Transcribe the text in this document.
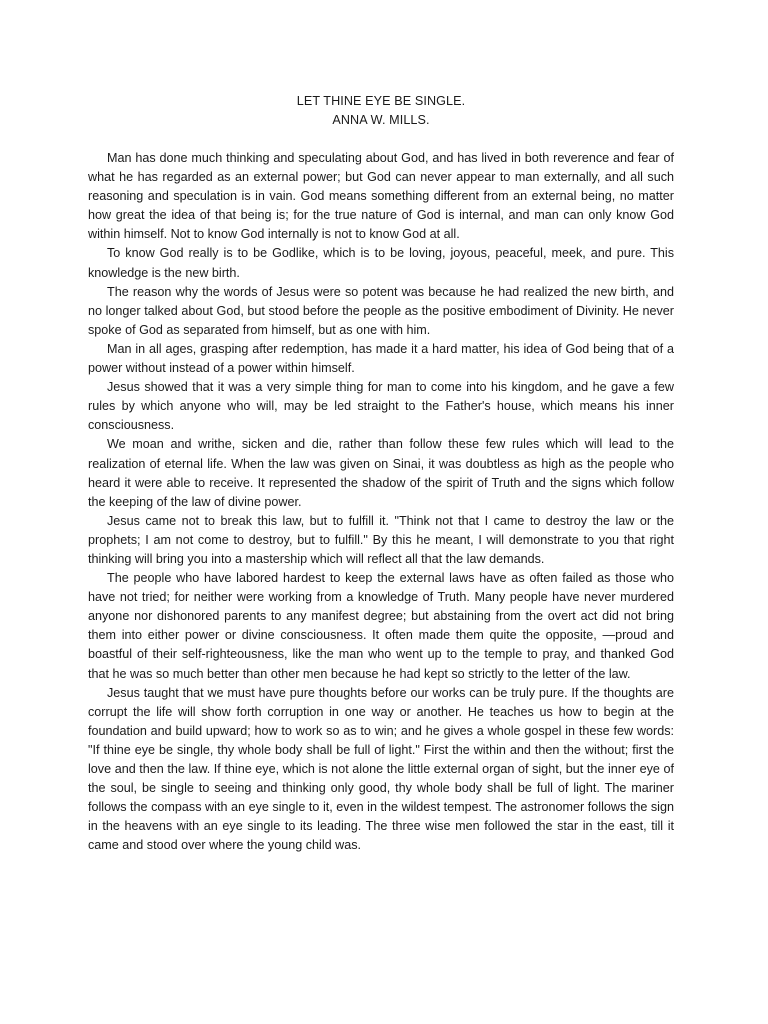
LET THINE EYE BE SINGLE.
ANNA W. MILLS.

Man has done much thinking and speculating about God, and has lived in both reverence and fear of what he has regarded as an external power; but God can never appear to man externally, and all such reasoning and speculation is in vain. God means something different from an external being, no matter how great the idea of that being is; for the true nature of God is internal, and man can only know God within himself. Not to know God internally is not to know God at all.

To know God really is to be Godlike, which is to be loving, joyous, peaceful, meek, and pure. This knowledge is the new birth.

The reason why the words of Jesus were so potent was because he had realized the new birth, and no longer talked about God, but stood before the people as the positive embodiment of Divinity. He never spoke of God as separated from himself, but as one with him.

Man in all ages, grasping after redemption, has made it a hard matter, his idea of God being that of a power without instead of a power within himself.

Jesus showed that it was a very simple thing for man to come into his kingdom, and he gave a few rules by which anyone who will, may be led straight to the Father's house, which means his inner consciousness.

We moan and writhe, sicken and die, rather than follow these few rules which will lead to the realization of eternal life. When the law was given on Sinai, it was doubtless as high as the people who heard it were able to receive. It represented the shadow of the spirit of Truth and the signs which follow the keeping of the law of divine power.

Jesus came not to break this law, but to fulfill it. "Think not that I came to destroy the law or the prophets; I am not come to destroy, but to fulfill." By this he meant, I will demonstrate to you that right thinking will bring you into a mastership which will reflect all that the law demands.

The people who have labored hardest to keep the external laws have as often failed as those who have not tried; for neither were working from a knowledge of Truth. Many people have never murdered anyone nor dishonored parents to any manifest degree; but abstaining from the overt act did not bring them into either power or divine consciousness. It often made them quite the opposite, —proud and boastful of their self-righteousness, like the man who went up to the temple to pray, and thanked God that he was so much better than other men because he had kept so strictly to the letter of the law.

Jesus taught that we must have pure thoughts before our works can be truly pure. If the thoughts are corrupt the life will show forth corruption in one way or another. He teaches us how to begin at the foundation and build upward; how to work so as to win; and he gives a whole gospel in these few words: "If thine eye be single, thy whole body shall be full of light." First the within and then the without; first the love and then the law. If thine eye, which is not alone the little external organ of sight, but the inner eye of the soul, be single to seeing and thinking only good, thy whole body shall be full of light. The mariner follows the compass with an eye single to it, even in the wildest tempest. The astronomer follows the sign in the heavens with an eye single to its leading. The three wise men followed the star in the east, till it came and stood over where the young child was.
